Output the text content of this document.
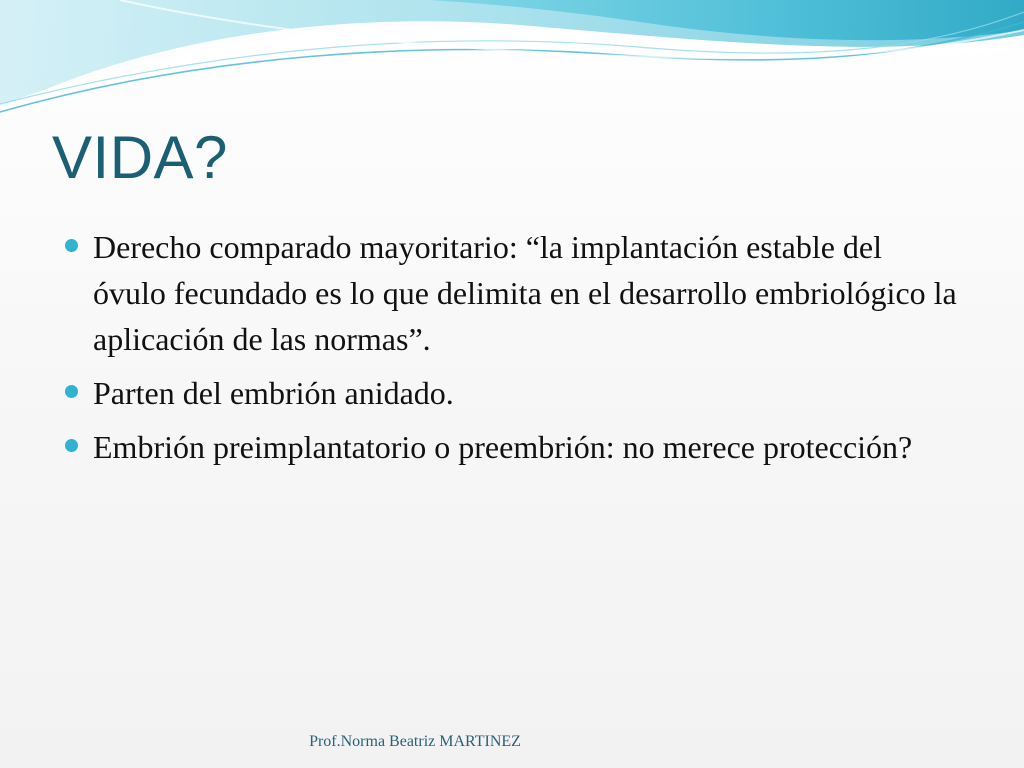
VIDA?
Derecho comparado mayoritario: “la implantación estable del óvulo fecundado es lo que delimita en el desarrollo embriológico la aplicación de las normas”.
Parten del embrión anidado.
Embrión preimplantatorio o preembrión: no merece protección?
Prof.Norma Beatriz MARTINEZ
